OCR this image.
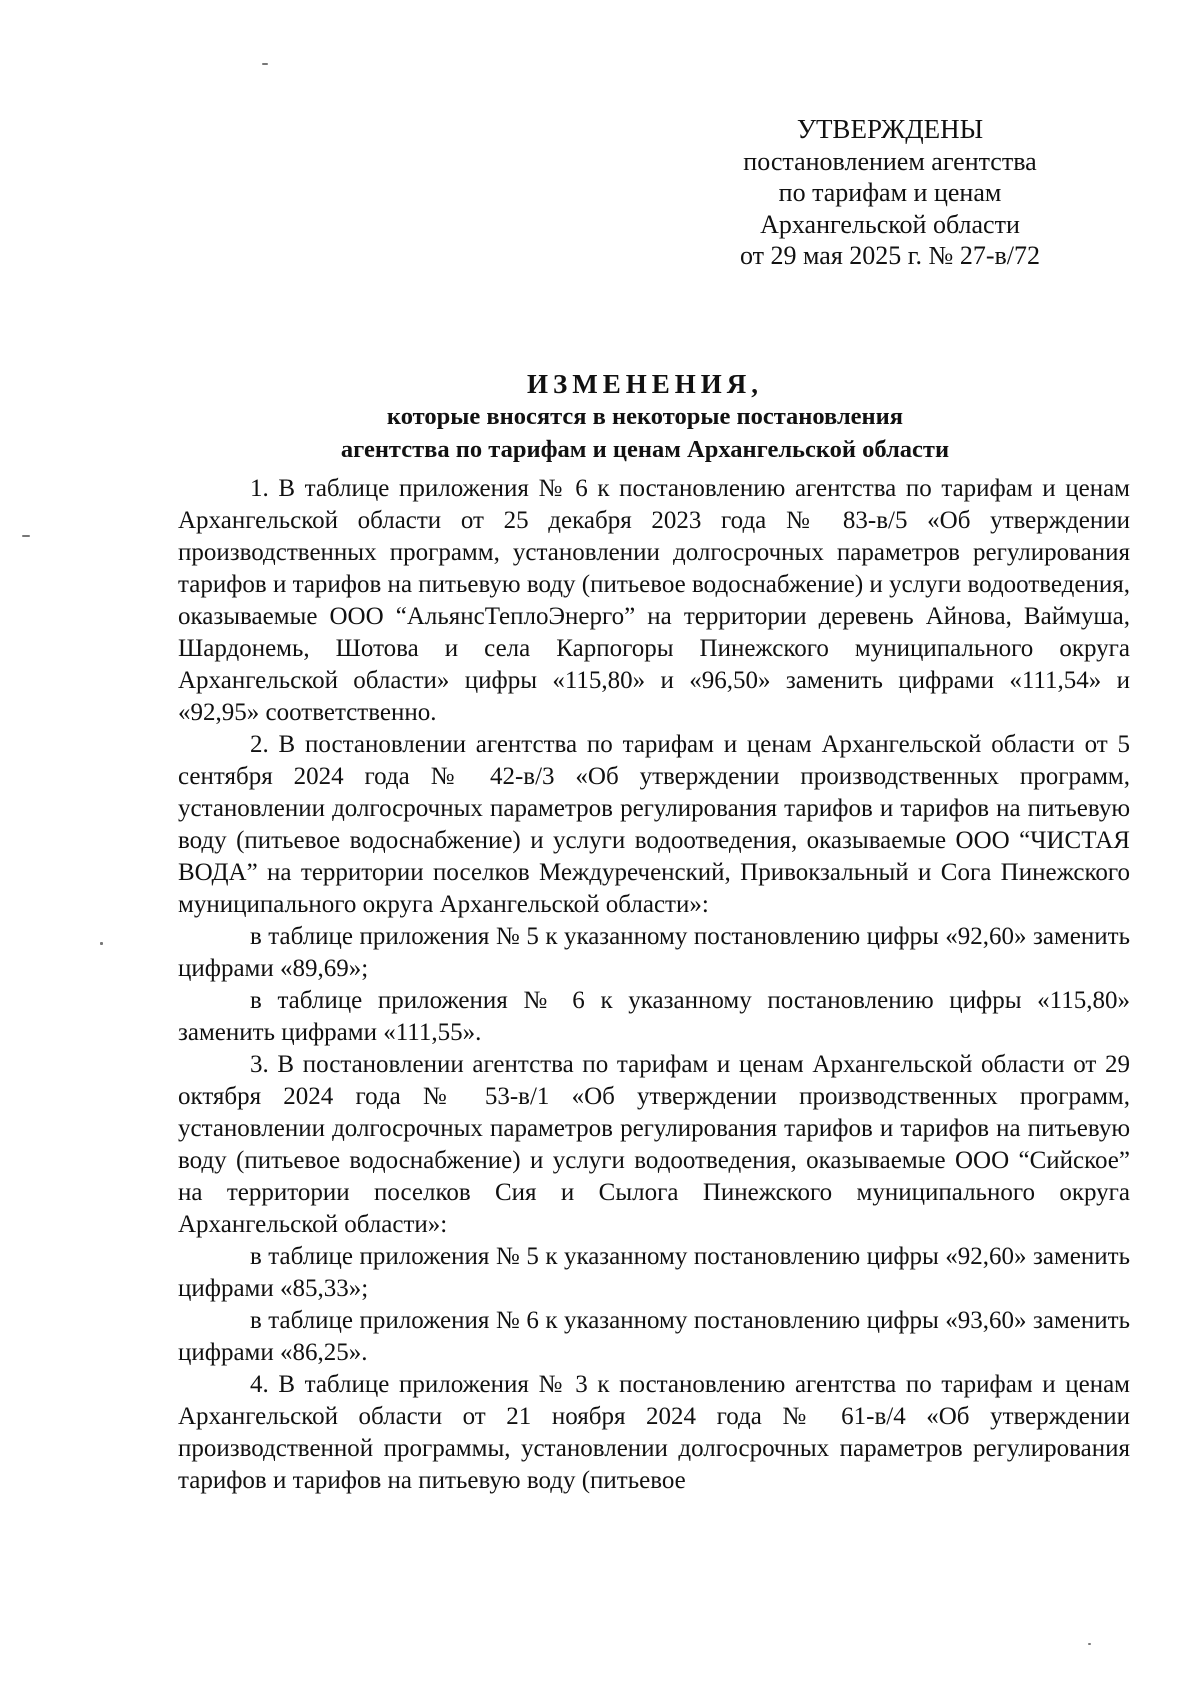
УТВЕРЖДЕНЫ
постановлением агентства
по тарифам и ценам
Архангельской области
от 29 мая 2025 г. № 27-в/72
ИЗМЕНЕНИЯ,
которые вносятся в некоторые постановления
агентства по тарифам и ценам Архангельской области

1. В таблице приложения № 6 к постановлению агентства по тарифам и ценам Архангельской области от 25 декабря 2023 года № 83-в/5 «Об утверждении производственных программ, установлении долгосрочных параметров регулирования тарифов и тарифов на питьевую воду (питьевое водоснабжение) и услуги водоотведения, оказываемые ООО “АльянсТеплоЭнерго” на территории деревень Айнова, Ваймуша, Шардонемь, Шотова и села Карпогоры Пинежского муниципального округа Архангельской области» цифры «115,80» и «96,50» заменить цифрами «111,54» и «92,95» соответственно.

2. В постановлении агентства по тарифам и ценам Архангельской области от 5 сентября 2024 года № 42-в/3 «Об утверждении производственных программ, установлении долгосрочных параметров регулирования тарифов и тарифов на питьевую воду (питьевое водоснабжение) и услуги водоотведения, оказываемые ООО “ЧИСТАЯ ВОДА” на территории поселков Междуреченский, Привокзальный и Сога Пинежского муниципального округа Архангельской области»:

в таблице приложения № 5 к указанному постановлению цифры «92,60» заменить цифрами «89,69»;

в таблице приложения № 6 к указанному постановлению цифры «115,80» заменить цифрами «111,55».

3. В постановлении агентства по тарифам и ценам Архангельской области от 29 октября 2024 года № 53-в/1 «Об утверждении производственных программ, установлении долгосрочных параметров регулирования тарифов и тарифов на питьевую воду (питьевое водоснабжение) и услуги водоотведения, оказываемые ООО “Сийское” на территории поселков Сия и Сылога Пинежского муниципального округа Архангельской области»:

в таблице приложения № 5 к указанному постановлению цифры «92,60» заменить цифрами «85,33»;

в таблице приложения № 6 к указанному постановлению цифры «93,60» заменить цифрами «86,25».

4. В таблице приложения № 3 к постановлению агентства по тарифам и ценам Архангельской области от 21 ноября 2024 года № 61-в/4 «Об утверждении производственной программы, установлении долгосрочных параметров регулирования тарифов и тарифов на питьевую воду (питьевое
